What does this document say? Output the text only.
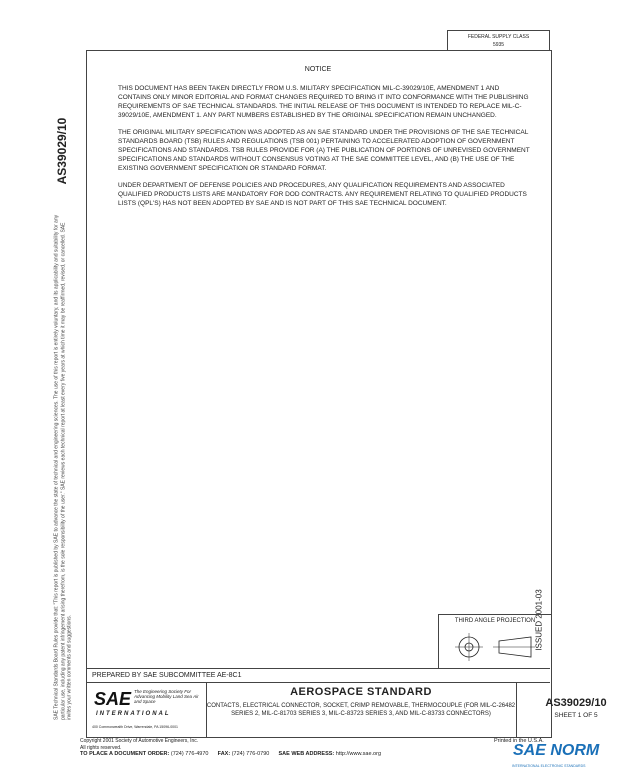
FEDERAL SUPPLY CLASS
5935
AS39029/10
SAE Technical Standards Board Rules provide that: "This report is published by SAE to advance the state of technical and engineering sciences. The use of this report is entirely voluntary, and its applicability and suitability for any particular use, including any patent infringement arising therefrom, is the sole responsibility of the user." SAE reviews each technical report at least every five years at which time it may be reaffirmed, revised, or cancelled. SAE invites your written comments and suggestions.
NOTICE

THIS DOCUMENT HAS BEEN TAKEN DIRECTLY FROM U.S. MILITARY SPECIFICATION MIL-C-39029/10E, AMENDMENT 1 AND CONTAINS ONLY MINOR EDITORIAL AND FORMAT CHANGES REQUIRED TO BRING IT INTO CONFORMANCE WITH THE PUBLISHING REQUIREMENTS OF SAE TECHNICAL STANDARDS. THE INITIAL RELEASE OF THIS DOCUMENT IS INTENDED TO REPLACE MIL-C-39029/10E, AMENDMENT 1. ANY PART NUMBERS ESTABLISHED BY THE ORIGINAL SPECIFICATION REMAIN UNCHANGED.

THE ORIGINAL MILITARY SPECIFICATION WAS ADOPTED AS AN SAE STANDARD UNDER THE PROVISIONS OF THE SAE TECHNICAL STANDARDS BOARD (TSB) RULES AND REGULATIONS (TSB 001) PERTAINING TO ACCELERATED ADOPTION OF GOVERNMENT SPECIFICATIONS AND STANDARDS. TSB RULES PROVIDE FOR (A) THE PUBLICATION OF PORTIONS OF UNREVISED GOVERNMENT SPECIFICATIONS AND STANDARDS WITHOUT CONSENSUS VOTING AT THE SAE COMMITTEE LEVEL, AND (B) THE USE OF THE EXISTING GOVERNMENT SPECIFICATION OR STANDARD FORMAT.

UNDER DEPARTMENT OF DEFENSE POLICIES AND PROCEDURES, ANY QUALIFICATION REQUIREMENTS AND ASSOCIATED QUALIFIED PRODUCTS LISTS ARE MANDATORY FOR DOD CONTRACTS. ANY REQUIREMENT RELATING TO QUALIFIED PRODUCTS LISTS (QPL'S) HAS NOT BEEN ADOPTED BY SAE AND IS NOT PART OF THIS SAE TECHNICAL DOCUMENT.

ISSUED 2001-03
THIRD ANGLE PROJECTION
PREPARED BY SAE SUBCOMMITTEE AE-8C1
SAE The Engineering Society For Advancing Mobility Land Sea Air and Space
INTERNATIONAL
400 Commonwealth Drive, Warrendale, PA 15096-0001
AEROSPACE STANDARD
CONTACTS, ELECTRICAL CONNECTOR, SOCKET, CRIMP REMOVABLE, THERMOCOUPLE (FOR MIL-C-26482 SERIES 2, MIL-C-81703 SERIES 3, MIL-C-83723 SERIES 3, AND MIL-C-83733 CONNECTORS)
AS39029/10
SHEET 1 OF 5
Copyright 2001 Society of Automotive Engineers, Inc.
All rights reserved.
Printed in the U.S.A.
TO PLACE A DOCUMENT ORDER: (724) 776-4970 FAX: (724) 776-0790 SAE WEB ADDRESS: http://www.sae.org	SAE NORM
INTERNATIONAL ELECTRONIC STANDARDS
